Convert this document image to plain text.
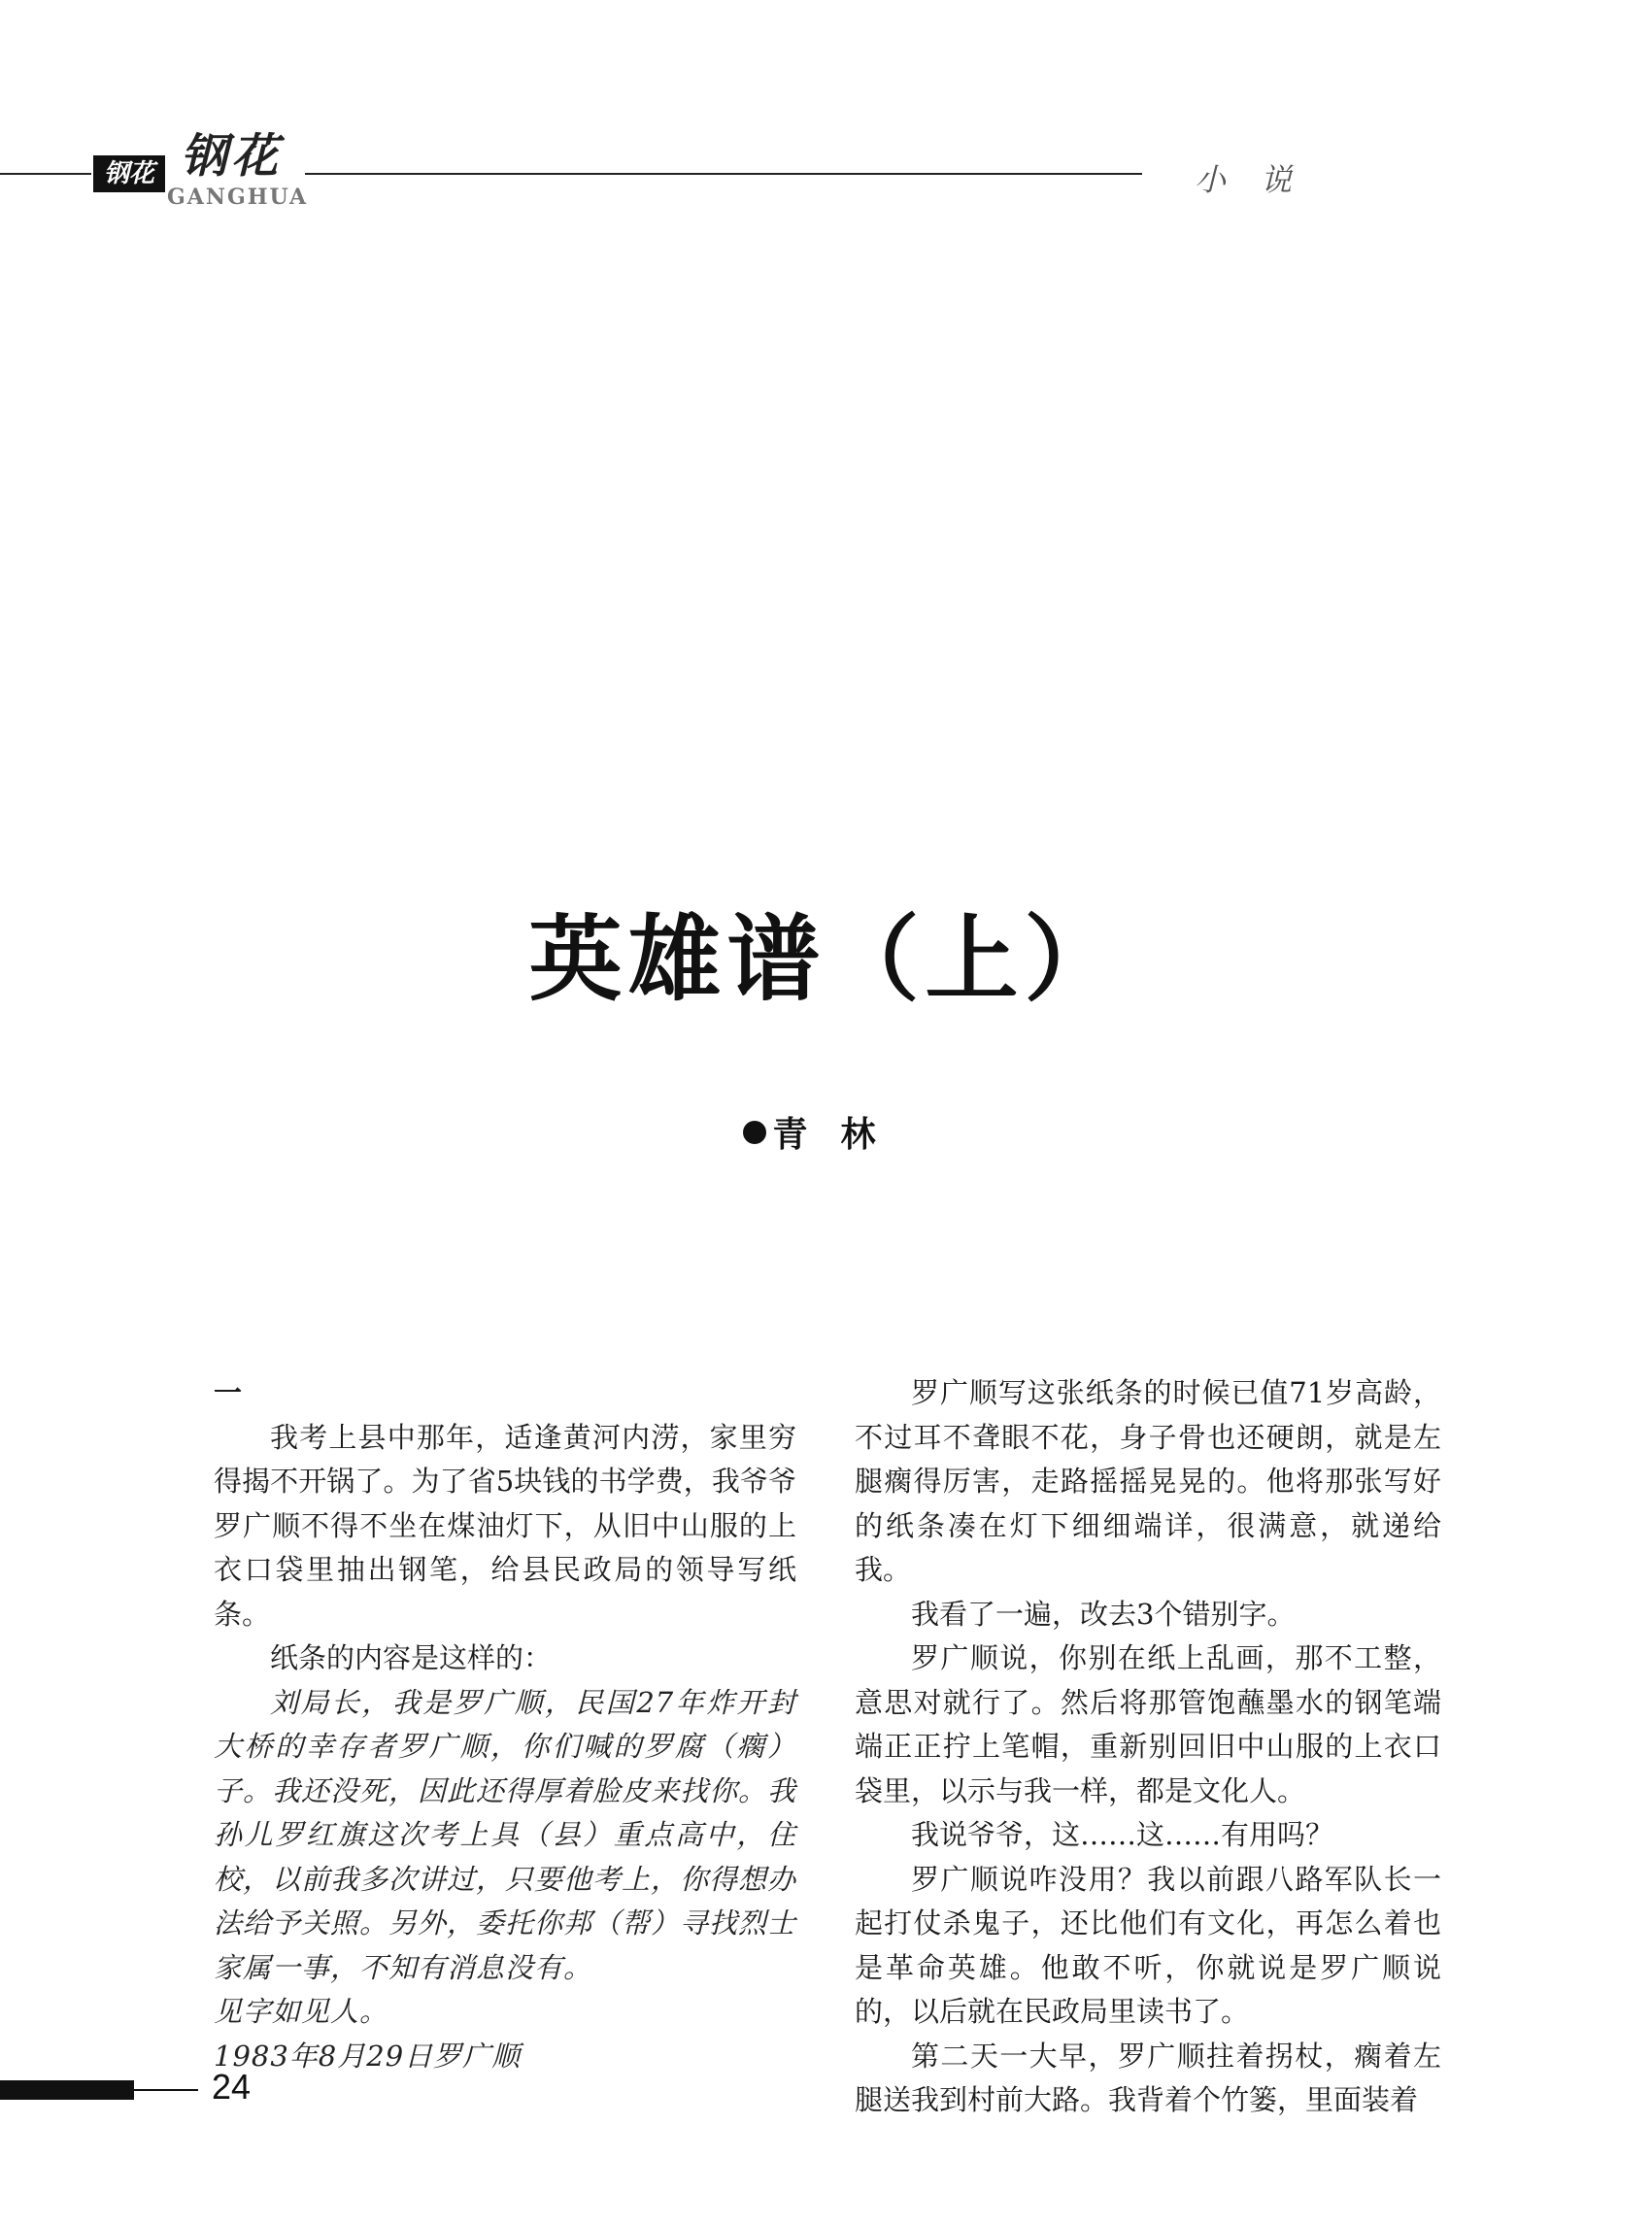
钢花 钢花
GANGHUA	小说
英雄谱（上）
青林

一

我考上县中那年，适逢黄河内涝，家里穷得揭不开锅了。为了省5块钱的书学费，我爷爷罗广顺不得不坐在煤油灯下，从旧中山服的上衣口袋里抽出钢笔，给县民政局的领导写纸条。

纸条的内容是这样的：

刘局长，我是罗广顺，民国27年炸开封大桥的幸存者罗广顺，你们喊的罗腐（瘸）子。我还没死，因此还得厚着脸皮来找你。我孙儿罗红旗这次考上具（县）重点高中，住校，以前我多次讲过，只要他考上，你得想办法给予关照。另外，委托你邦（帮）寻找烈士家属一事，不知有消息没有。

见字如见人。

1983年8月29日罗广顺

罗广顺写这张纸条的时候已值71岁高龄，不过耳不聋眼不花，身子骨也还硬朗，就是左腿瘸得厉害，走路摇摇晃晃的。他将那张写好的纸条凑在灯下细细端详，很满意，就递给我。

我看了一遍，改去3个错别字。

罗广顺说，你别在纸上乱画，那不工整，意思对就行了。然后将那管饱蘸墨水的钢笔端端正正拧上笔帽，重新别回旧中山服的上衣口袋里，以示与我一样，都是文化人。

我说爷爷，这……这……有用吗？

罗广顺说咋没用？我以前跟八路军队长一起打仗杀鬼子，还比他们有文化，再怎么着也是革命英雄。他敢不听，你就说是罗广顺说的，以后就在民政局里读书了。

第二天一大早，罗广顺拄着拐杖，瘸着左腿送我到村前大路。我背着个竹篓，里面装着

24
